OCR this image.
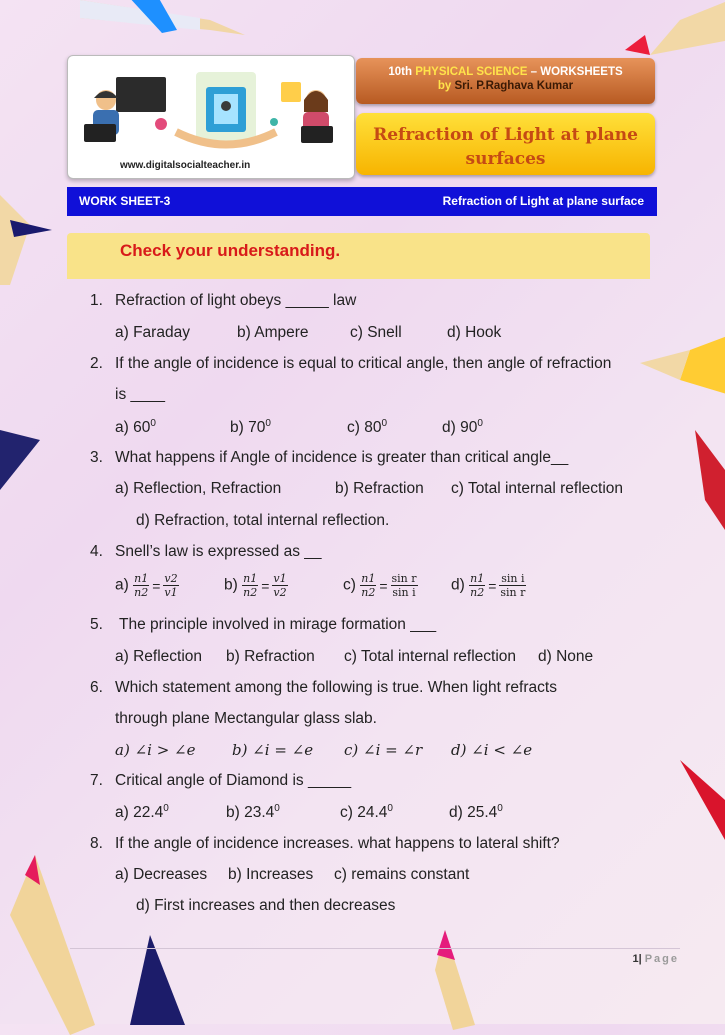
www.digitalsocialteacher.in
10th PHYSICAL SCIENCE – WORKSHEETS
by Sri. P.Raghava Kumar
Refraction of Light at plane surfaces
WORK SHEET-3	Refraction of Light at plane surface
Check your understanding.
1. Refraction of light obeys _____ law
a) Faraday	b) Ampere	c) Snell	d) Hook
2. If the angle of incidence is equal to critical angle, then angle of refraction
is ____
a) $60^0$	b) $70^0$	c) $80^0$	d) $90^0$
3. What happens if Angle of incidence is greater than critical angle__
a) Reflection, Refraction	b) Refraction c) Total internal reflection
d) Refraction, total internal reflection.
4. Snell’s law is expressed as __
$a) \frac{n1}{n2} = \frac{v2}{v1}$	$b) \frac{n1}{n2} = \frac{v1}{v2}$	$c) \frac{n1}{n2} = \frac{\text{sin r}}{\text{sin i}} d) \frac{n1}{n2} = \frac{\text{sin i}}{\text{sin r}}$
5. The principle involved in mirage formation ___
a) Reflection b) Refraction c) Total internal reflection d) None
6. Which statement among the following is true. When light refracts
through plane Mectangular glass slab.
a) ∠i > ∠e b) ∠i = ∠e c) ∠i = ∠r d) ∠i < ∠e
7. Critical angle of Diamond is _____
a) 22.4$^0$	b) 23.4$^0$	c) 24.4$^0$	d) 25.4$^0$
8. If the angle of incidence increases. what happens to lateral shift?
a) Decreases b) Increases c) remains constant
d) First increases and then decreases
1| Page
